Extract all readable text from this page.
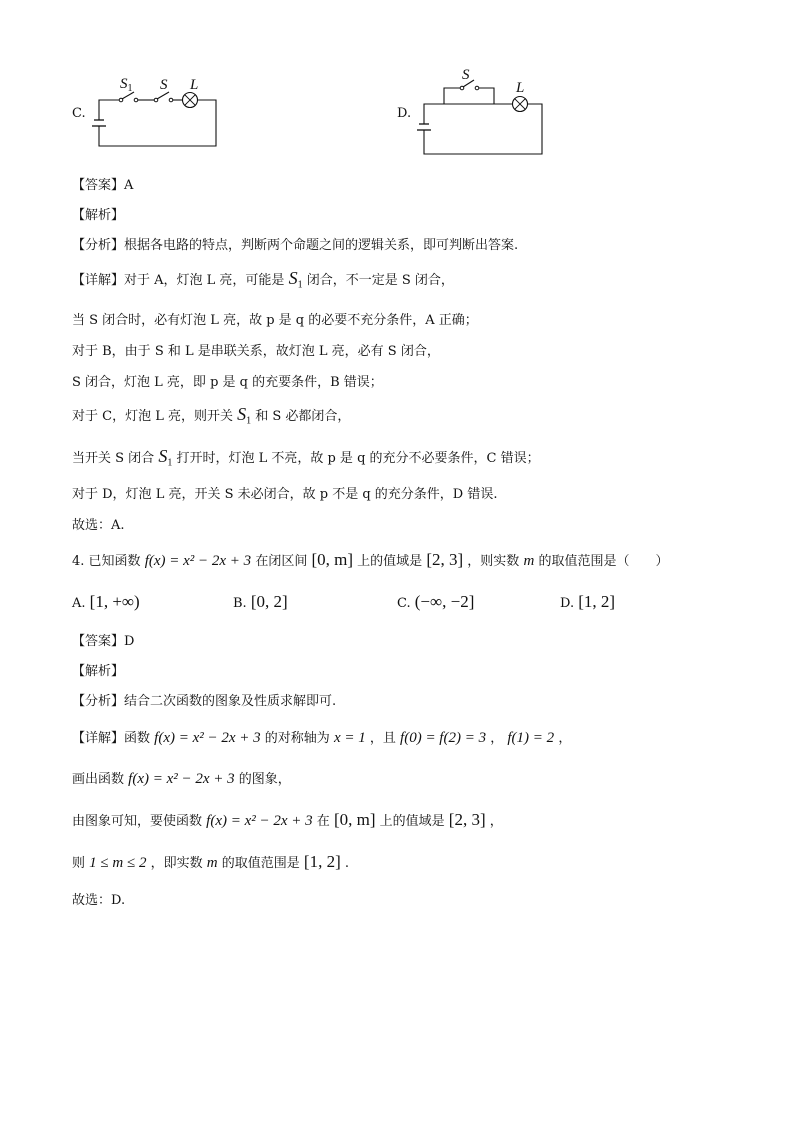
C.
$S_1$ S L
D.
S
L
【答案】A
【解析】
【分析】根据各电路的特点，判断两个命题之间的逻辑关系，即可判断出答案.
【详解】对于 A，灯泡 L 亮，可能是 $S_1$ 闭合，不一定是 S 闭合，
当 S 闭合时，必有灯泡 L 亮，故 p 是 q 的必要不充分条件，A 正确；
对于 B，由于 S 和 L 是串联关系，故灯泡 L 亮，必有 S 闭合，
S 闭合，灯泡 L 亮，即 p 是 q 的充要条件，B 错误；
对于 C，灯泡 L 亮，则开关 $S_1$ 和 S 必都闭合，
当开关 S 闭合 $S_1$ 打开时，灯泡 L 不亮，故 p 是 q 的充分不必要条件，C 错误；
对于 D，灯泡 L 亮，开关 S 未必闭合，故 p 不是 q 的充分条件，D 错误.
故选：A.
4. 已知函数 f(x) = x² − 2x + 3 在闭区间 [0, m] 上的值域是 [2, 3] ，则实数 m 的取值范围是（　　）
A. [1, +∞)	B. [0, 2]	C. (−∞, −2]	D. [1, 2]
【答案】D
【解析】
【分析】结合二次函数的图象及性质求解即可.
【详解】函数 f(x) = x² − 2x + 3 的对称轴为 x = 1 ，且 f(0) = f(2) = 3 ， f(1) = 2 ，
画出函数 f(x) = x² − 2x + 3 的图象，
由图象可知，要使函数 f(x) = x² − 2x + 3 在 [0, m] 上的值域是 [2, 3] ，
则 1 ≤ m ≤ 2 ，即实数 m 的取值范围是 [1, 2] .
故选：D.
